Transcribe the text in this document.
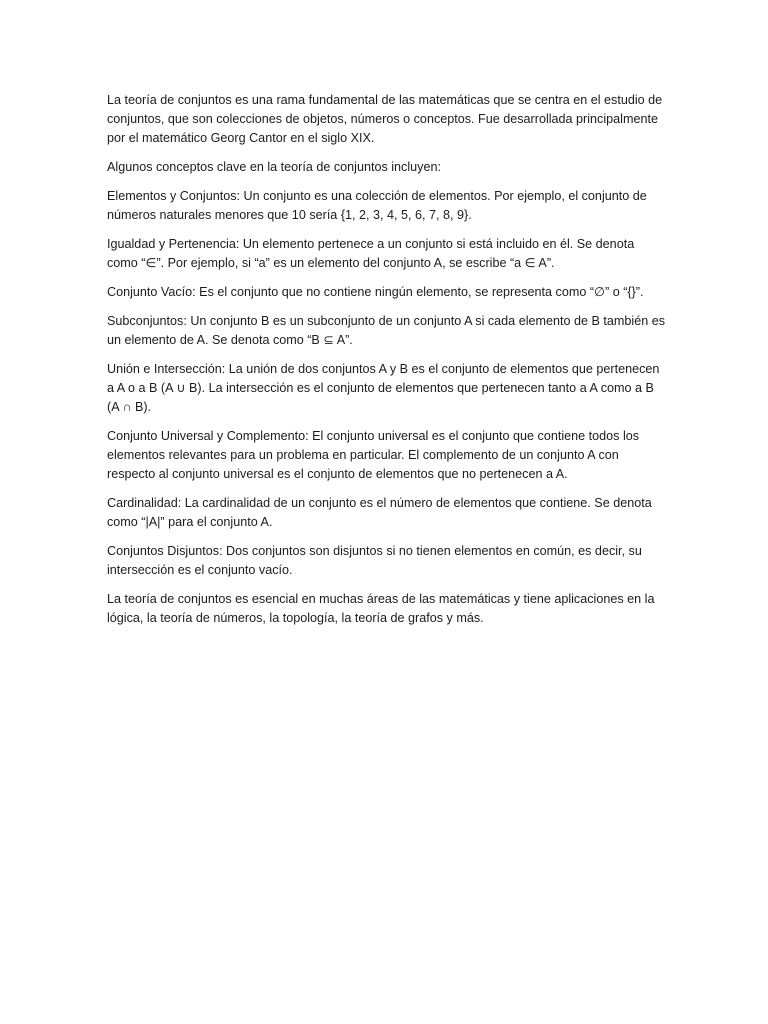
La teoría de conjuntos es una rama fundamental de las matemáticas que se centra en el estudio de conjuntos, que son colecciones de objetos, números o conceptos. Fue desarrollada principalmente por el matemático Georg Cantor en el siglo XIX.

Algunos conceptos clave en la teoría de conjuntos incluyen:

Elementos y Conjuntos: Un conjunto es una colección de elementos. Por ejemplo, el conjunto de números naturales menores que 10 sería {1, 2, 3, 4, 5, 6, 7, 8, 9}.

Igualdad y Pertenencia: Un elemento pertenece a un conjunto si está incluido en él. Se denota como “∈”. Por ejemplo, si “a” es un elemento del conjunto A, se escribe “a ∈ A”.

Conjunto Vacío: Es el conjunto que no contiene ningún elemento, se representa como “∅” o “{}”.

Subconjuntos: Un conjunto B es un subconjunto de un conjunto A si cada elemento de B también es un elemento de A. Se denota como “B ⊆ A”.

Unión e Intersección: La unión de dos conjuntos A y B es el conjunto de elementos que pertenecen a A o a B (A ∪ B). La intersección es el conjunto de elementos que pertenecen tanto a A como a B (A ∩ B).

Conjunto Universal y Complemento: El conjunto universal es el conjunto que contiene todos los elementos relevantes para un problema en particular. El complemento de un conjunto A con respecto al conjunto universal es el conjunto de elementos que no pertenecen a A.

Cardinalidad: La cardinalidad de un conjunto es el número de elementos que contiene. Se denota como “|A|” para el conjunto A.

Conjuntos Disjuntos: Dos conjuntos son disjuntos si no tienen elementos en común, es decir, su intersección es el conjunto vacío.

La teoría de conjuntos es esencial en muchas áreas de las matemáticas y tiene aplicaciones en la lógica, la teoría de números, la topología, la teoría de grafos y más.
